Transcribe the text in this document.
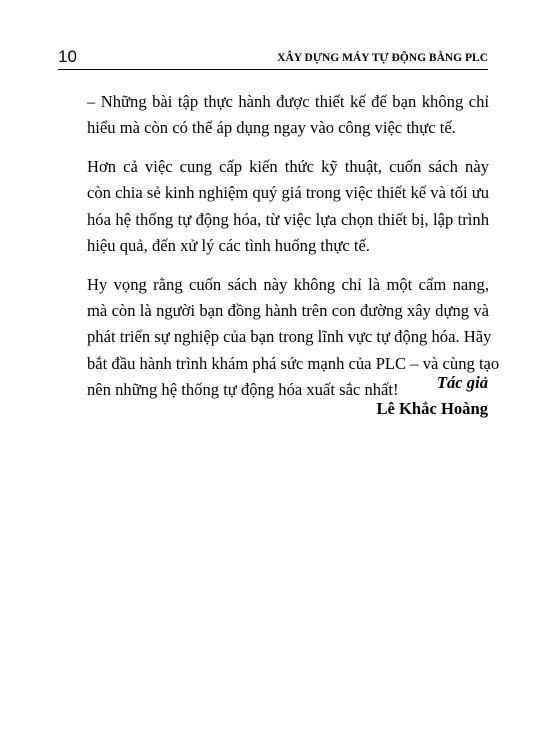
10	XÂY DỰNG MÁY TỰ ĐỘNG BẰNG PLC

– Những bài tập thực hành được thiết kế để bạn không chỉ
hiểu mà còn có thể áp dụng ngay vào công việc thực tế.

Hơn cả việc cung cấp kiến thức kỹ thuật, cuốn sách này
còn chia sẻ kinh nghiệm quý giá trong việc thiết kế và tối ưu
hóa hệ thống tự động hóa, từ việc lựa chọn thiết bị, lập trình
hiệu quả, đến xử lý các tình huống thực tế.

Hy vọng rằng cuốn sách này không chỉ là một cẩm nang,
mà còn là người bạn đồng hành trên con đường xây dựng và
phát triển sự nghiệp của bạn trong lĩnh vực tự động hóa. Hãy
bắt đầu hành trình khám phá sức mạnh của PLC – và cùng tạo
nên những hệ thống tự động hóa xuất sắc nhất!	Tác giả
Lê Khắc Hoàng
